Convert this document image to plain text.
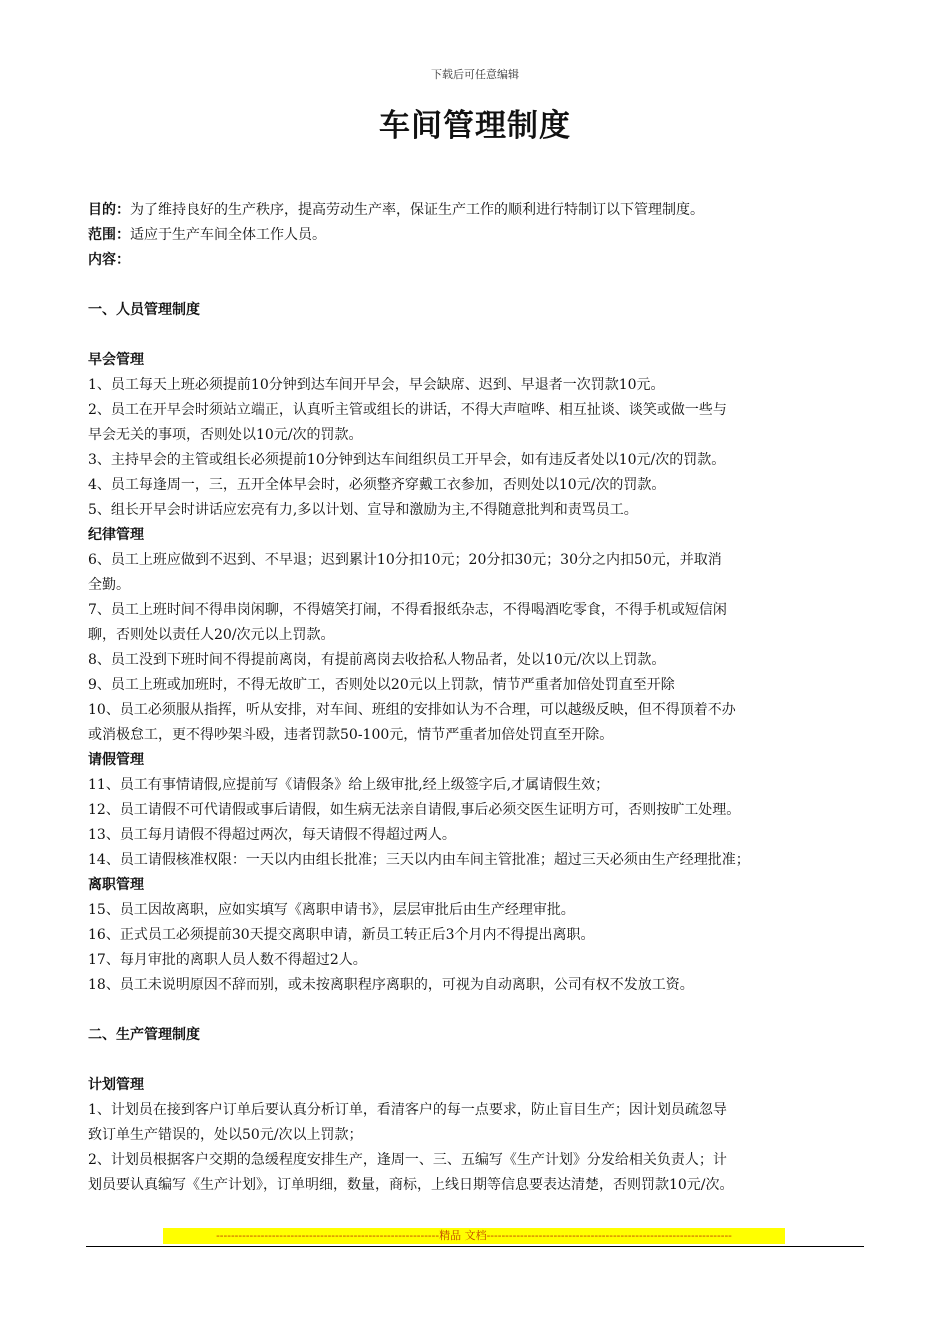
下载后可任意编辑
车间管理制度

目的：为了维持良好的生产秩序，提高劳动生产率，保证生产工作的顺利进行特制订以下管理制度。

范围：适应于生产车间全体工作人员。

内容：

一、人员管理制度

早会管理

1、员工每天上班必须提前10分钟到达车间开早会，早会缺席、迟到、早退者一次罚款10元。

2、员工在开早会时须站立端正，认真听主管或组长的讲话，不得大声喧哗、相互扯谈、谈笑或做一些与

早会无关的事项，否则处以10元/次的罚款。

3、主持早会的主管或组长必须提前10分钟到达车间组织员工开早会，如有违反者处以10元/次的罚款。

4、员工每逢周一，三，五开全体早会时，必须整齐穿戴工衣参加，否则处以10元/次的罚款。

5、组长开早会时讲话应宏亮有力,多以计划、宣导和激励为主,不得随意批判和责骂员工。

纪律管理

6、员工上班应做到不迟到、不早退；迟到累计10分扣10元；20分扣30元；30分之内扣50元，并取消

全勤。

7、员工上班时间不得串岗闲聊，不得嬉笑打闹，不得看报纸杂志，不得喝酒吃零食，不得手机或短信闲

聊，否则处以责任人20/次元以上罚款。

8、员工没到下班时间不得提前离岗，有提前离岗去收拾私人物品者，处以10元/次以上罚款。

9、员工上班或加班时，不得无故旷工，否则处以20元以上罚款，情节严重者加倍处罚直至开除

10、员工必须服从指挥，听从安排，对车间、班组的安排如认为不合理，可以越级反映，但不得顶着不办

或消极怠工，更不得吵架斗殴，违者罚款50-100元，情节严重者加倍处罚直至开除。

请假管理

11、员工有事情请假,应提前写《请假条》给上级审批,经上级签字后,才属请假生效；

12、员工请假不可代请假或事后请假，如生病无法亲自请假,事后必须交医生证明方可，否则按旷工处理。

13、员工每月请假不得超过两次，每天请假不得超过两人。

14、员工请假核准权限：一天以内由组长批准；三天以内由车间主管批准；超过三天必须由生产经理批准；

离职管理

15、员工因故离职，应如实填写《离职申请书》，层层审批后由生产经理审批。

16、正式员工必须提前30天提交离职申请，新员工转正后3个月内不得提出离职。

17、每月审批的离职人员人数不得超过2人。

18、员工未说明原因不辞而别，或未按离职程序离职的，可视为自动离职，公司有权不发放工资。

二、生产管理制度

计划管理

1、计划员在接到客户订单后要认真分析订单，看清客户的每一点要求，防止盲目生产；因计划员疏忽导

致订单生产错误的，处以50元/次以上罚款；

2、计划员根据客户交期的急缓程度安排生产，逢周一、三、五编写《生产计划》分发给相关负责人；计

划员要认真编写《生产计划》，订单明细，数量，商标，上线日期等信息要表达清楚，否则罚款10元/次。

------------------------------------------------------------精品 文档------------------------------------------------------------------
